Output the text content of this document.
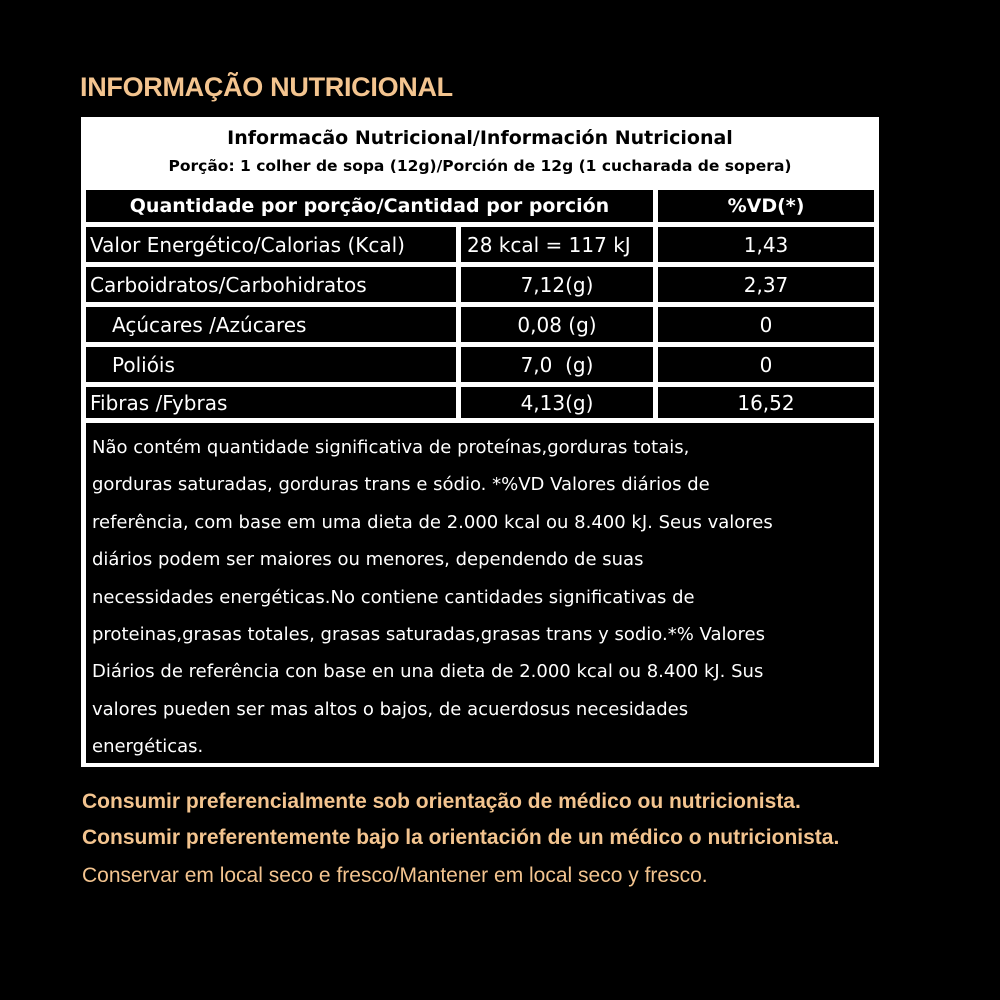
INFORMAÇÃO NUTRICIONAL
Informacão Nutricional/Información Nutricional
Porção: 1 colher de sopa (12g)/Porción de 12g (1 cucharada de sopera)
Quantidade por porção/Cantidad por porción	%VD(*)
Valor Energético/Calorias (Kcal)	28 kcal = 117 kJ	1,43
Carboidratos/Carbohidratos	7,12(g)	2,37
Açúcares /Azúcares	0,08 (g)	0
Polióis	7,0  (g)	0
Fibras /Fybras	4,13(g)	16,52
Não contém quantidade significativa de proteínas,gorduras totais,
gorduras saturadas, gorduras trans e sódio. *%VD Valores diários de
referência, com base em uma dieta de 2.000 kcal ou 8.400 kJ. Seus valores
diários podem ser maiores ou menores, dependendo de suas
necessidades energéticas.No contiene cantidades significativas de
proteinas,grasas totales, grasas saturadas,grasas trans y sodio.*% Valores
Diários de referência con base en una dieta de 2.000 kcal ou 8.400 kJ. Sus
valores pueden ser mas altos o bajos, de acuerdosus necesidades
energéticas.
Consumir preferencialmente sob orientação de médico ou nutricionista.
Consumir preferentemente bajo la orientación de un médico o nutricionista.
Conservar em local seco e fresco/Mantener em local seco y fresco.
